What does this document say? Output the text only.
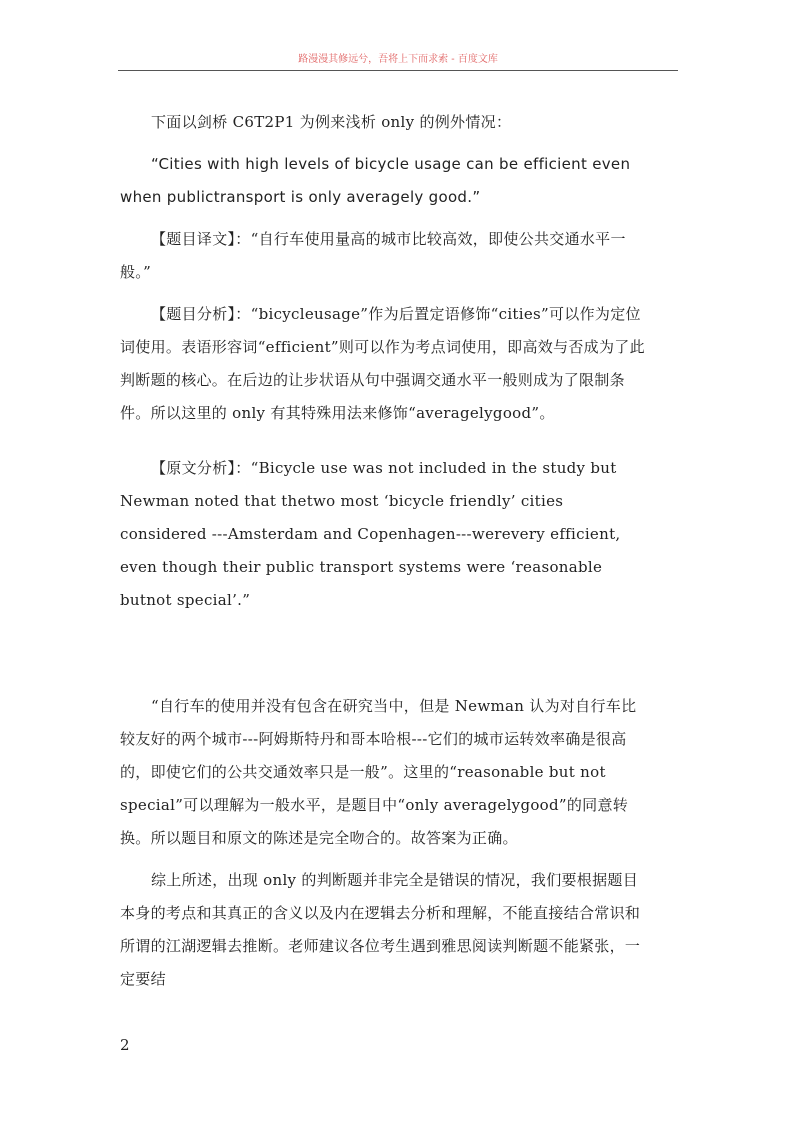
路漫漫其修远兮，吾将上下而求索 - 百度文库

下面以剑桥 C6T2P1 为例来浅析 only 的例外情况：

“Cities with high levels of bicycle usage can be efficient even when publictransport is only averagely good.”

【题目译文】：“自行车使用量高的城市比较高效，即使公共交通水平一般。”

【题目分析】：“bicycleusage”作为后置定语修饰“cities”可以作为定位词使用。表语形容词“efficient”则可以作为考点词使用，即高效与否成为了此判断题的核心。在后边的让步状语从句中强调交通水平一般则成为了限制条件。所以这里的 only 有其特殊用法来修饰“averagelygood”。

【原文分析】：“Bicycle use was not included in the study but Newman noted that thetwo most ‘bicycle friendly’ cities considered ---Amsterdam and Copenhagen---werevery efficient, even though their public transport systems were ‘reasonable butnot special’.”

“自行车的使用并没有包含在研究当中，但是 Newman 认为对自行车比较友好的两个城市---阿姆斯特丹和哥本哈根---它们的城市运转效率确是很高的，即使它们的公共交通效率只是一般”。这里的“reasonable but not special”可以理解为一般水平，是题目中“only averagelygood”的同意转换。所以题目和原文的陈述是完全吻合的。故答案为正确。

综上所述，出现 only 的判断题并非完全是错误的情况，我们要根据题目本身的考点和其真正的含义以及内在逻辑去分析和理解，不能直接结合常识和所谓的江湖逻辑去推断。老师建议各位考生遇到雅思阅读判断题不能紧张，一定要结

2
